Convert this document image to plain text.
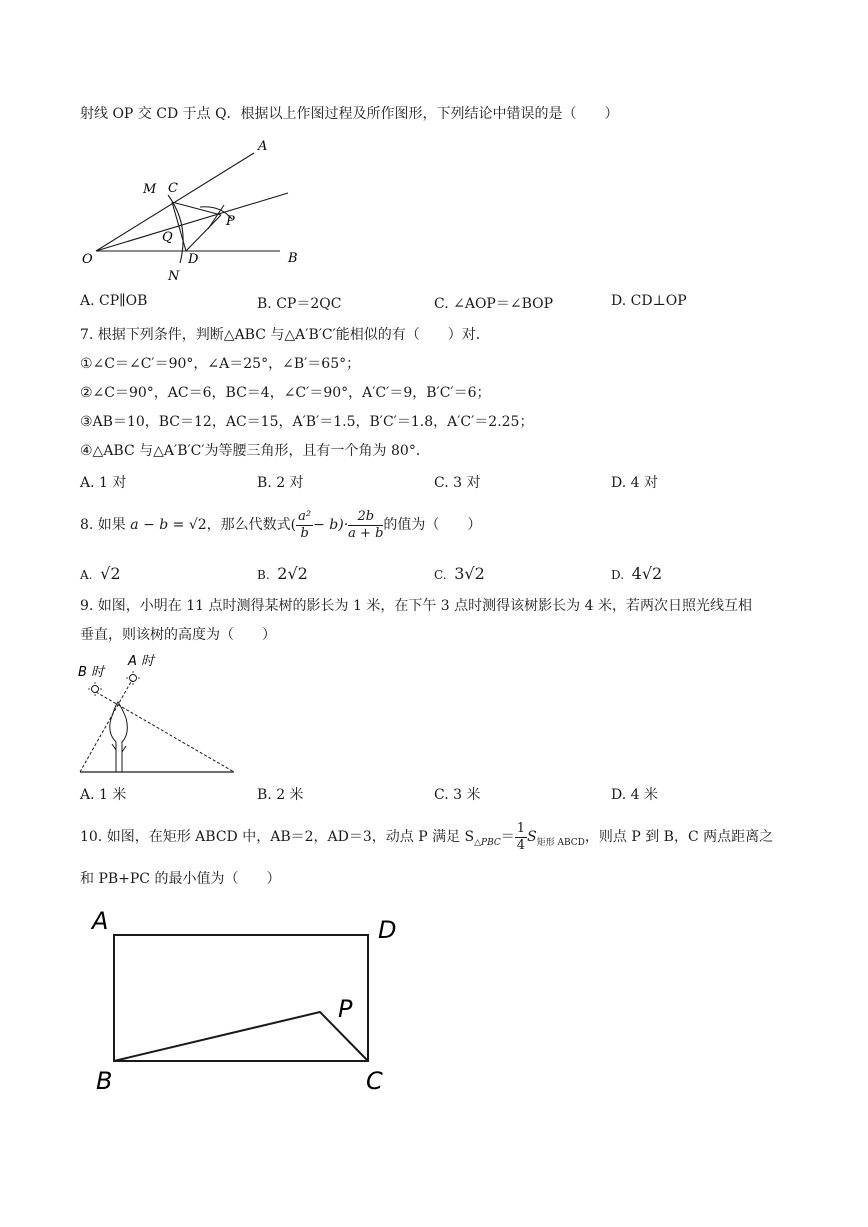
射线 OP 交 CD 于点 Q．根据以上作图过程及所作图形，下列结论中错误的是（　　）
A
M C
P
Q
O	D	B
N
A. CP∥OB	B. CP＝2QC	C. ∠AOP＝∠BOP	D. CD⊥OP
7. 根据下列条件，判断△ABC 与△A′B′C′能相似的有（　　）对．
①∠C＝∠C′＝90°，∠A＝25°，∠B′＝65°；
②∠C＝90°，AC＝6，BC＝4，∠C′＝90°，A′C′＝9，B′C′＝6；
③AB＝10，BC＝12，AC＝15，A′B′＝1.5，B′C′＝1.8，A′C′＝2.25；
④△ABC 与△A′B′C′为等腰三角形，且有一个角为 80°．
A. 1 对	B. 2 对	C. 3 对	D. 4 对
8. 如果 a − b = √2，那么代数式( $\frac{\text{a²}}{b} - b)\cdot \frac{2b}{a + b}$ 的值为（　　）
A. √2	B. 2√2	C. 3√2	D. 4√2
9. 如图，小明在 11 点时测得某树的影长为 1 米，在下午 3 点时测得该树影长为 4 米，若两次日照光线互相
垂直，则该树的高度为（　　）
B 时
A 时
A. 1 米	B. 2 米	C. 3 米	D. 4 米
10. 如图，在矩形 ABCD 中，AB＝2，AD＝3，动点 P 满足 $S_{\triangle PBC}= \frac{1}{4} S_{矩形 ABCD}$，则点 P 到 B，C 两点距离之
和 PB+PC 的最小值为（　　）
A	D
P
B	C
